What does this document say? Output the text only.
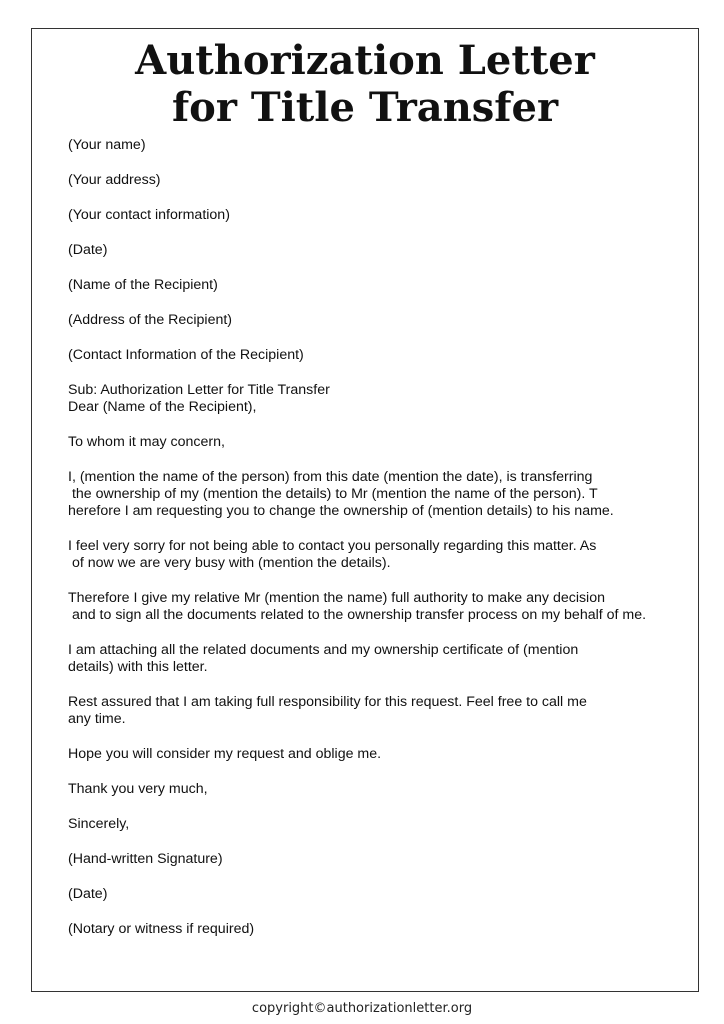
Authorization Letter
for Title Transfer

(Your name)

(Your address)

(Your contact information)

(Date)

(Name of the Recipient)

(Address of the Recipient)

(Contact Information of the Recipient)

Sub: Authorization Letter for Title Transfer
Dear (Name of the Recipient),

To whom it may concern,

I, (mention the name of the person) from this date (mention the date), is transferring
the ownership of my (mention the details) to Mr (mention the name of the person). T
herefore I am requesting you to change the ownership of (mention details) to his name.

I feel very sorry for not being able to contact you personally regarding this matter. As
of now we are very busy with (mention the details).

Therefore I give my relative Mr (mention the name) full authority to make any decision
and to sign all the documents related to the ownership transfer process on my behalf of me.

I am attaching all the related documents and my ownership certificate of (mention
details) with this letter.

Rest assured that I am taking full responsibility for this request. Feel free to call me
any time.

Hope you will consider my request and oblige me.

Thank you very much,

Sincerely,

(Hand-written Signature)

(Date)

(Notary or witness if required)

copyright©authorizationletter.org
